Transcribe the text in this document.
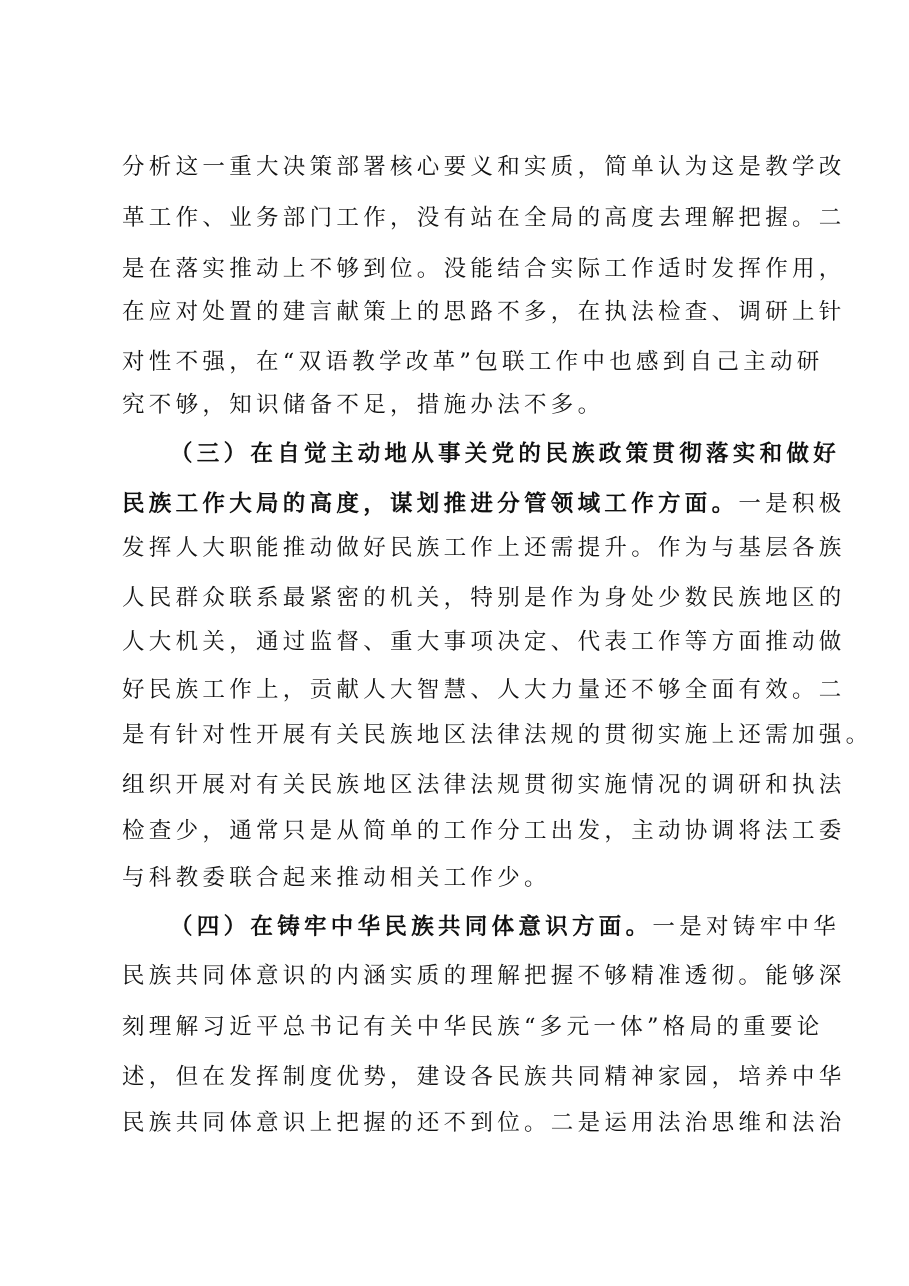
分析这一重大决策部署核心要义和实质，简单认为这是教学改
革工作、业务部门工作，没有站在全局的高度去理解把握。二
是在落实推动上不够到位。没能结合实际工作适时发挥作用，
在应对处置的建言献策上的思路不多，在执法检查、调研上针
对性不强，在“双语教学改革”包联工作中也感到自己主动研
究不够，知识储备不足，措施办法不多。
（三）在自觉主动地从事关党的民族政策贯彻落实和做好
民族工作大局的高度，谋划推进分管领域工作方面。一是积极
发挥人大职能推动做好民族工作上还需提升。作为与基层各族
人民群众联系最紧密的机关，特别是作为身处少数民族地区的
人大机关，通过监督、重大事项决定、代表工作等方面推动做
好民族工作上，贡献人大智慧、人大力量还不够全面有效。二
是有针对性开展有关民族地区法律法规的贯彻实施上还需加强。
组织开展对有关民族地区法律法规贯彻实施情况的调研和执法
检查少，通常只是从简单的工作分工出发，主动协调将法工委
与科教委联合起来推动相关工作少。
（四）在铸牢中华民族共同体意识方面。一是对铸牢中华
民族共同体意识的内涵实质的理解把握不够精准透彻。能够深
刻理解习近平总书记有关中华民族“多元一体”格局的重要论
述，但在发挥制度优势，建设各民族共同精神家园，培养中华
民族共同体意识上把握的还不到位。二是运用法治思维和法治
